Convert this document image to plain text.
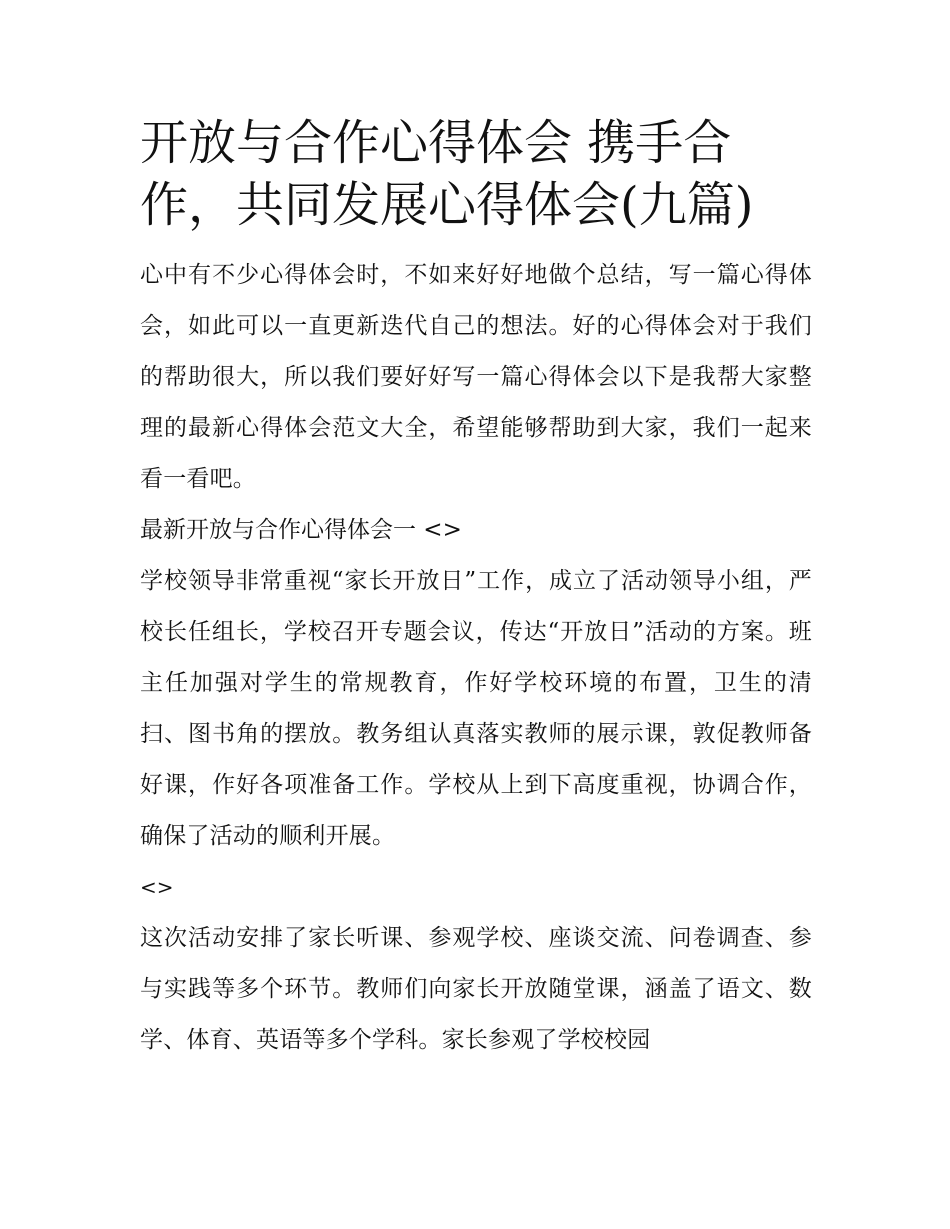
开放与合作心得体会 携手合作，共同发展心得体会(九篇)

心中有不少心得体会时，不如来好好地做个总结，写一篇心得体会，如此可以一直更新迭代自己的想法。好的心得体会对于我们的帮助很大，所以我们要好好写一篇心得体会以下是我帮大家整理的最新心得体会范文大全，希望能够帮助到大家，我们一起来看一看吧。

最新开放与合作心得体会一 <>

学校领导非常重视“家长开放日”工作，成立了活动领导小组，严校长任组长，学校召开专题会议，传达“开放日”活动的方案。班主任加强对学生的常规教育，作好学校环境的布置，卫生的清扫、图书角的摆放。教务组认真落实教师的展示课，敦促教师备好课，作好各项准备工作。学校从上到下高度重视，协调合作，确保了活动的顺利开展。

<>

这次活动安排了家长听课、参观学校、座谈交流、问卷调查、参与实践等多个环节。教师们向家长开放随堂课，涵盖了语文、数学、体育、英语等多个学科。家长参观了学校校园
